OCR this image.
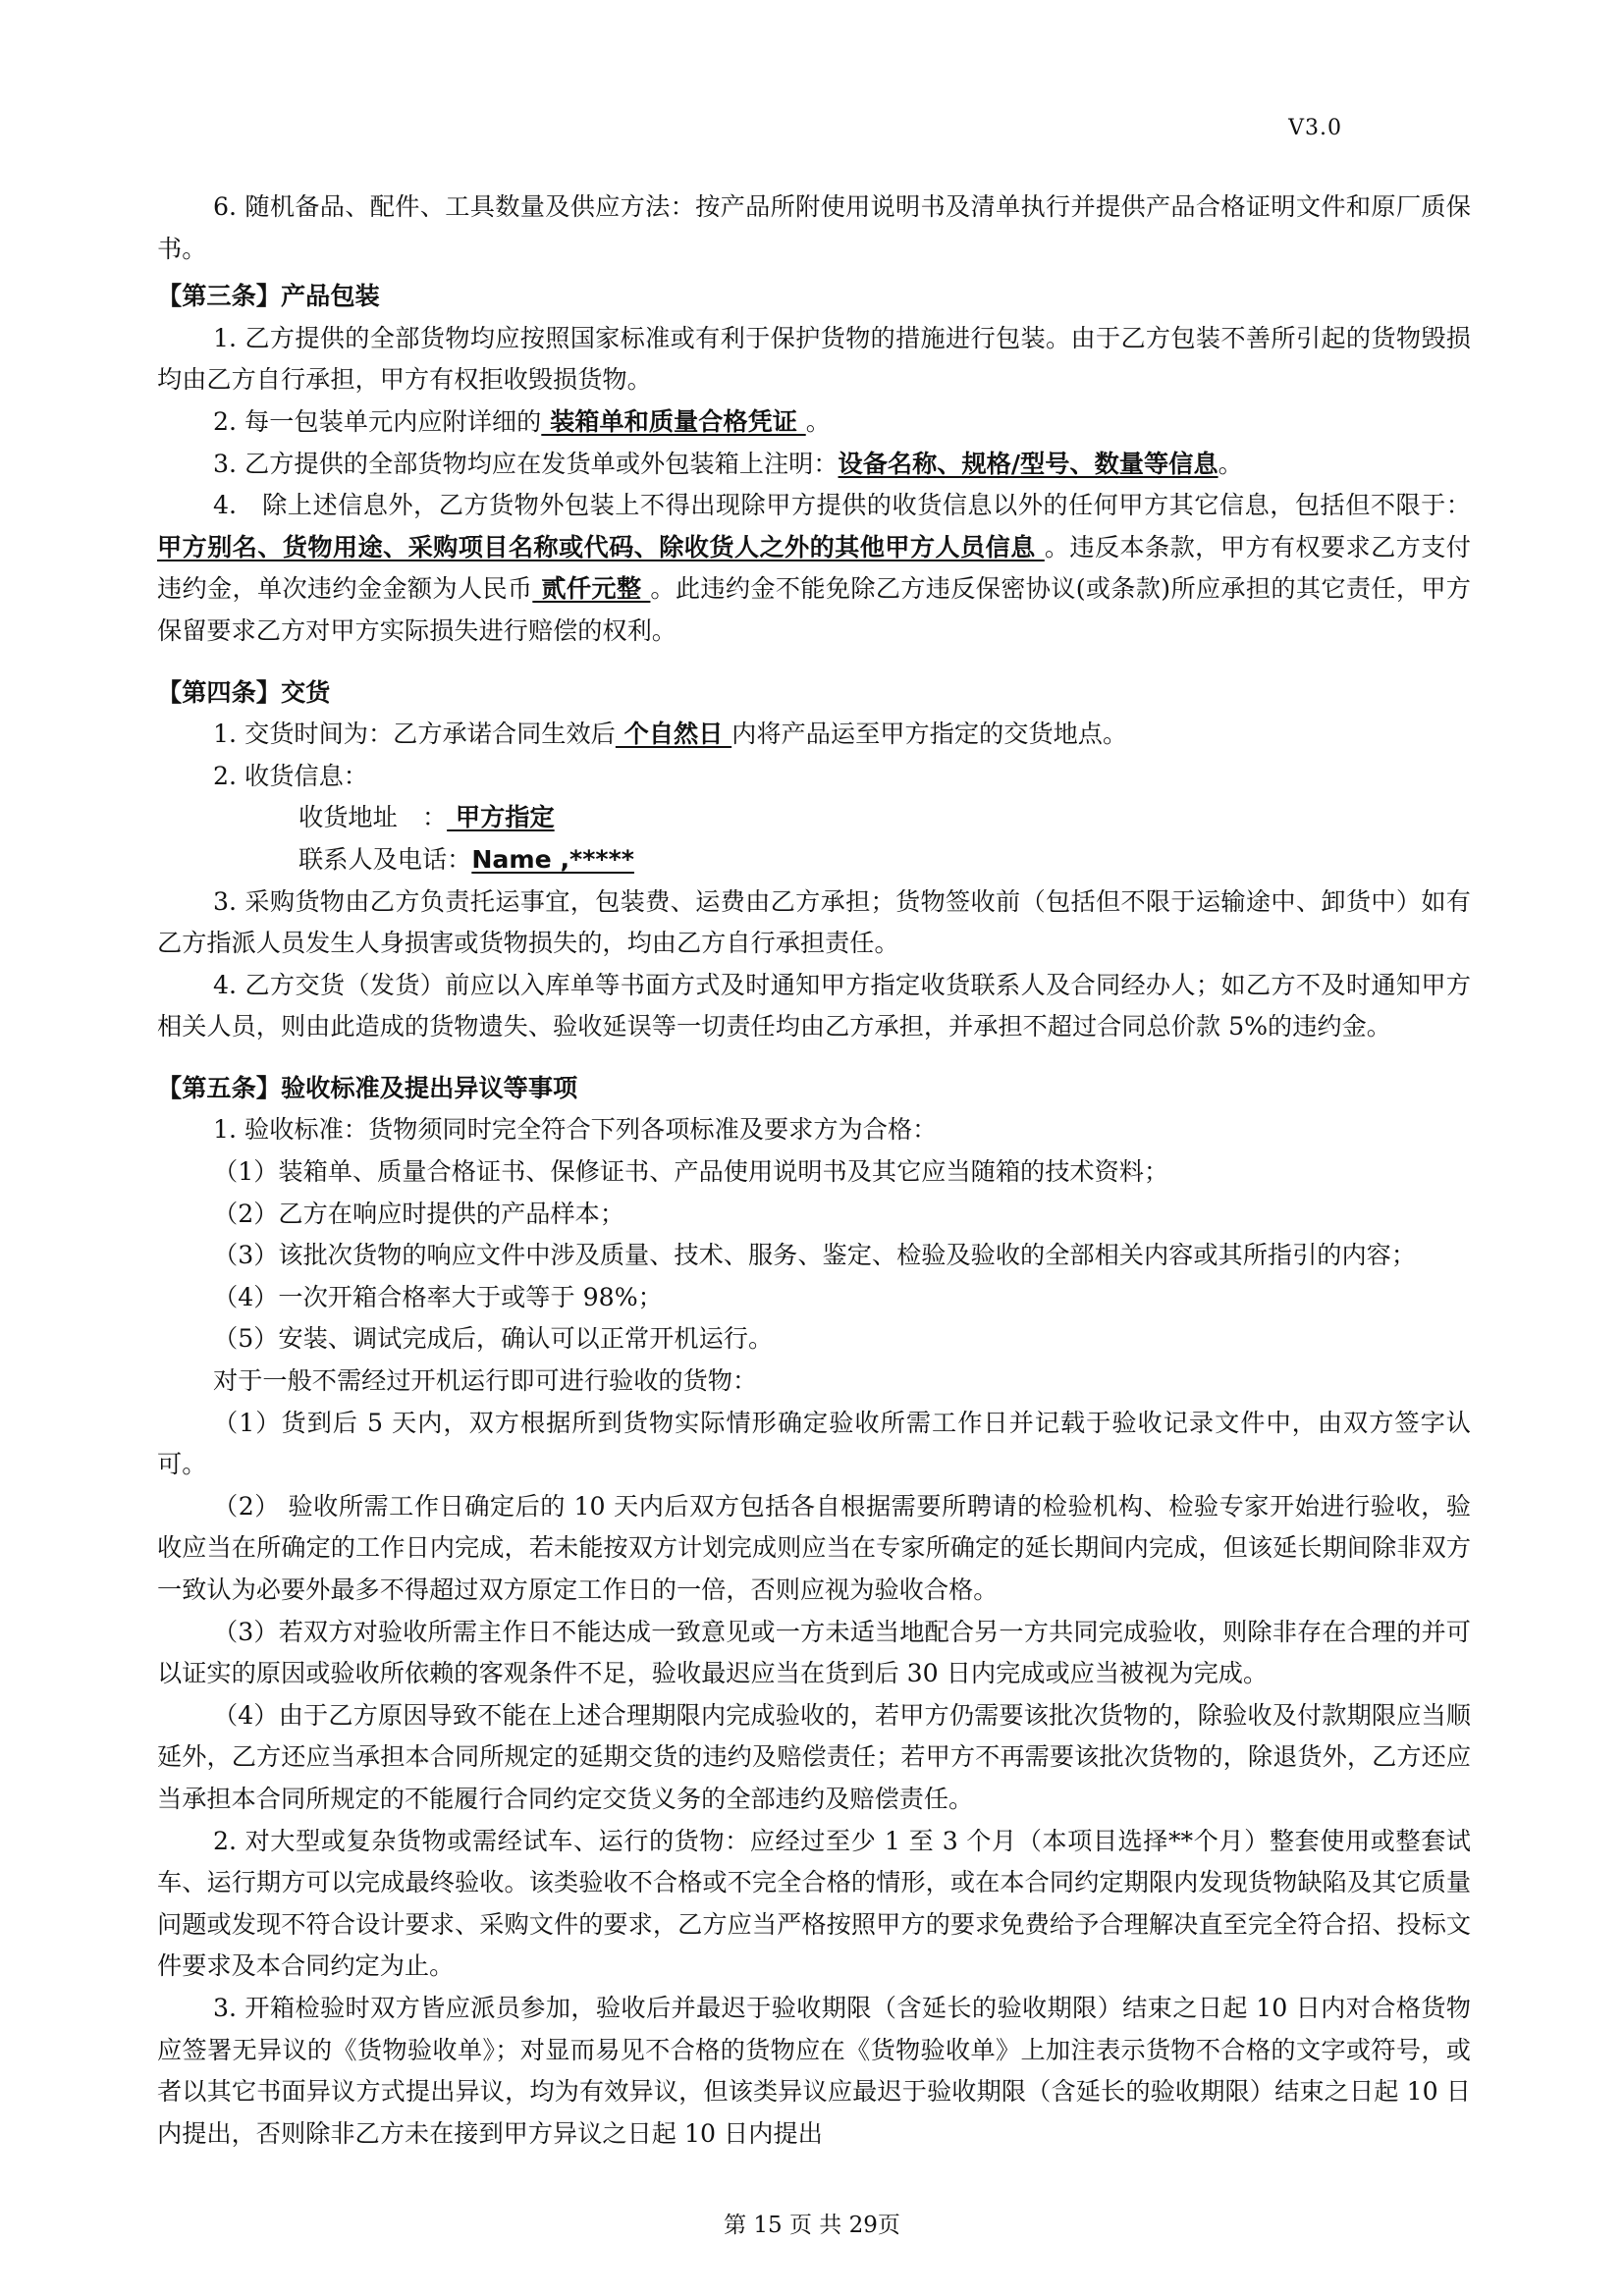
V3.0

6. 随机备品、配件、工具数量及供应方法：按产品所附使用说明书及清单执行并提供产品合格证明文件和原厂质保书。

【第三条】产品包装

1. 乙方提供的全部货物均应按照国家标准或有利于保护货物的措施进行包装。由于乙方包装不善所引起的货物毁损均由乙方自行承担，甲方有权拒收毁损货物。

2. 每一包装单元内应附详细的 装箱单和质量合格凭证 。

3. 乙方提供的全部货物均应在发货单或外包装箱上注明：设备名称、规格/型号、数量等信息。

4.　除上述信息外，乙方货物外包装上不得出现除甲方提供的收货信息以外的任何甲方其它信息，包括但不限于： 甲方别名、货物用途、采购项目名称或代码、除收货人之外的其他甲方人员信息 。违反本条款，甲方有权要求乙方支付违约金，单次违约金金额为人民币 贰仟元整 。此违约金不能免除乙方违反保密协议(或条款)所应承担的其它责任，甲方保留要求乙方对甲方实际损失进行赔偿的权利。

【第四条】交货

1. 交货时间为：乙方承诺合同生效后 个自然日 内将产品运至甲方指定的交货地点。

2. 收货信息：

收货地址　： 甲方指定

联系人及电话：Name ,*****

3. 采购货物由乙方负责托运事宜，包装费、运费由乙方承担；货物签收前（包括但不限于运输途中、卸货中）如有乙方指派人员发生人身损害或货物损失的，均由乙方自行承担责任。

4. 乙方交货（发货）前应以入库单等书面方式及时通知甲方指定收货联系人及合同经办人；如乙方不及时通知甲方相关人员，则由此造成的货物遗失、验收延误等一切责任均由乙方承担，并承担不超过合同总价款 5%的违约金。

【第五条】验收标准及提出异议等事项

1. 验收标准：货物须同时完全符合下列各项标准及要求方为合格：

（1）装箱单、质量合格证书、保修证书、产品使用说明书及其它应当随箱的技术资料；

（2）乙方在响应时提供的产品样本；

（3）该批次货物的响应文件中涉及质量、技术、服务、鉴定、检验及验收的全部相关内容或其所指引的内容；

（4）一次开箱合格率大于或等于 98%；

（5）安装、调试完成后，确认可以正常开机运行。

对于一般不需经过开机运行即可进行验收的货物：

（1）货到后 5 天内，双方根据所到货物实际情形确定验收所需工作日并记载于验收记录文件中，由双方签字认可。

（2） 验收所需工作日确定后的 10 天内后双方包括各自根据需要所聘请的检验机构、检验专家开始进行验收，验收应当在所确定的工作日内完成，若未能按双方计划完成则应当在专家所确定的延长期间内完成，但该延长期间除非双方一致认为必要外最多不得超过双方原定工作日的一倍，否则应视为验收合格。

（3）若双方对验收所需主作日不能达成一致意见或一方未适当地配合另一方共同完成验收，则除非存在合理的并可以证实的原因或验收所依赖的客观条件不足，验收最迟应当在货到后 30 日内完成或应当被视为完成。

（4）由于乙方原因导致不能在上述合理期限内完成验收的，若甲方仍需要该批次货物的，除验收及付款期限应当顺延外，乙方还应当承担本合同所规定的延期交货的违约及赔偿责任；若甲方不再需要该批次货物的，除退货外，乙方还应当承担本合同所规定的不能履行合同约定交货义务的全部违约及赔偿责任。

2. 对大型或复杂货物或需经试车、运行的货物：应经过至少 1 至 3 个月（本项目选择**个月）整套使用或整套试车、运行期方可以完成最终验收。该类验收不合格或不完全合格的情形，或在本合同约定期限内发现货物缺陷及其它质量问题或发现不符合设计要求、采购文件的要求，乙方应当严格按照甲方的要求免费给予合理解决直至完全符合招、投标文件要求及本合同约定为止。

3. 开箱检验时双方皆应派员参加，验收后并最迟于验收期限（含延长的验收期限）结束之日起 10 日内对合格货物应签署无异议的《货物验收单》；对显而易见不合格的货物应在《货物验收单》上加注表示货物不合格的文字或符号，或者以其它书面异议方式提出异议，均为有效异议，但该类异议应最迟于验收期限（含延长的验收期限）结束之日起 10 日内提出，否则除非乙方未在接到甲方异议之日起 10 日内提出

第 15 页 共 29页
